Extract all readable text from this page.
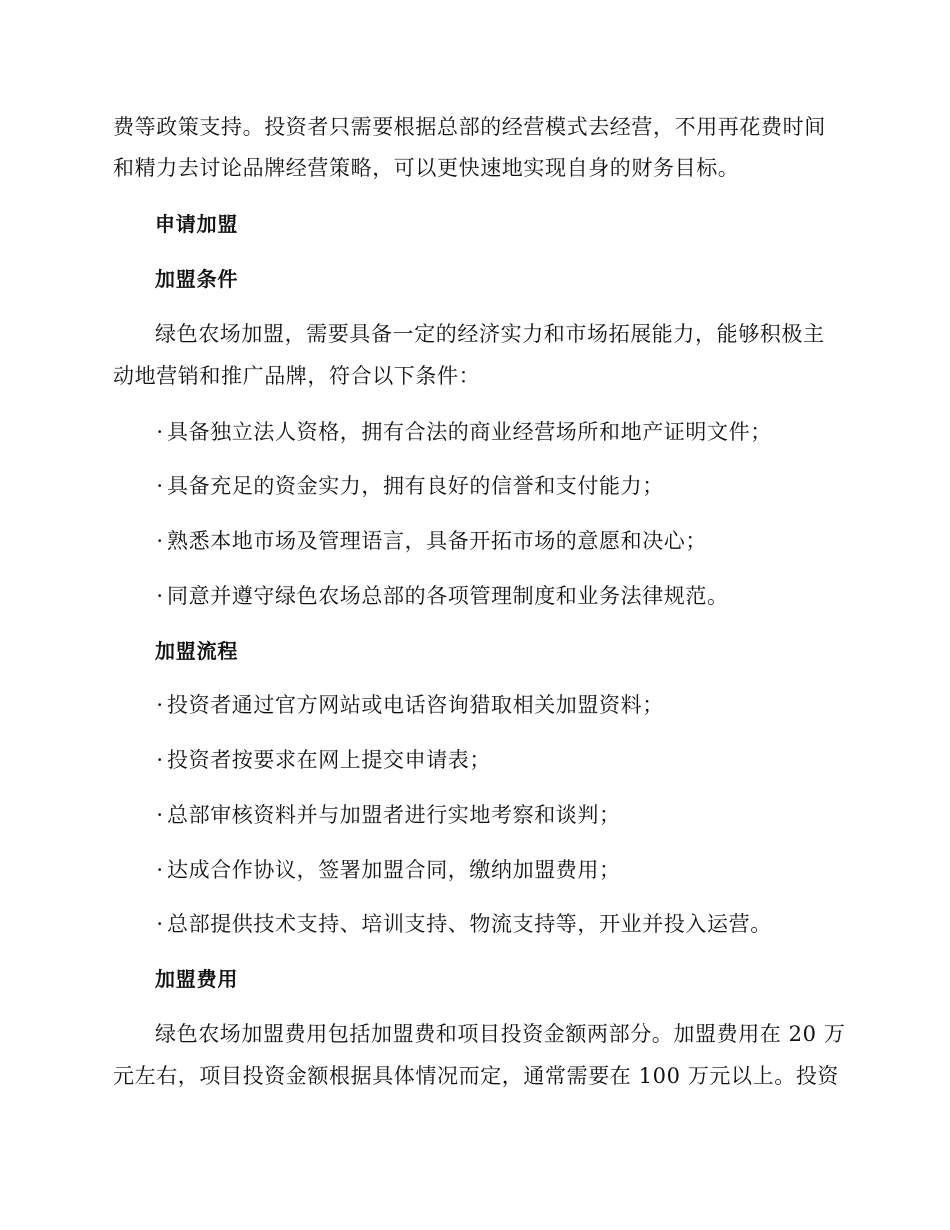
费等政策支持。投资者只需要根据总部的经营模式去经营，不用再花费时间
和精力去讨论品牌经营策略，可以更快速地实现自身的财务目标。
申请加盟
加盟条件
绿色农场加盟，需要具备一定的经济实力和市场拓展能力，能够积极主
动地营销和推广品牌，符合以下条件：
· 具备独立法人资格，拥有合法的商业经营场所和地产证明文件；
· 具备充足的资金实力，拥有良好的信誉和支付能力；
· 熟悉本地市场及管理语言，具备开拓市场的意愿和决心；
· 同意并遵守绿色农场总部的各项管理制度和业务法律规范。
加盟流程
· 投资者通过官方网站或电话咨询猎取相关加盟资料；
· 投资者按要求在网上提交申请表；
· 总部审核资料并与加盟者进行实地考察和谈判；
· 达成合作协议，签署加盟合同，缴纳加盟费用；
· 总部提供技术支持、培训支持、物流支持等，开业并投入运营。
加盟费用
绿色农场加盟费用包括加盟费和项目投资金额两部分。加盟费用在 20 万
元左右，项目投资金额根据具体情况而定，通常需要在 100 万元以上。投资
